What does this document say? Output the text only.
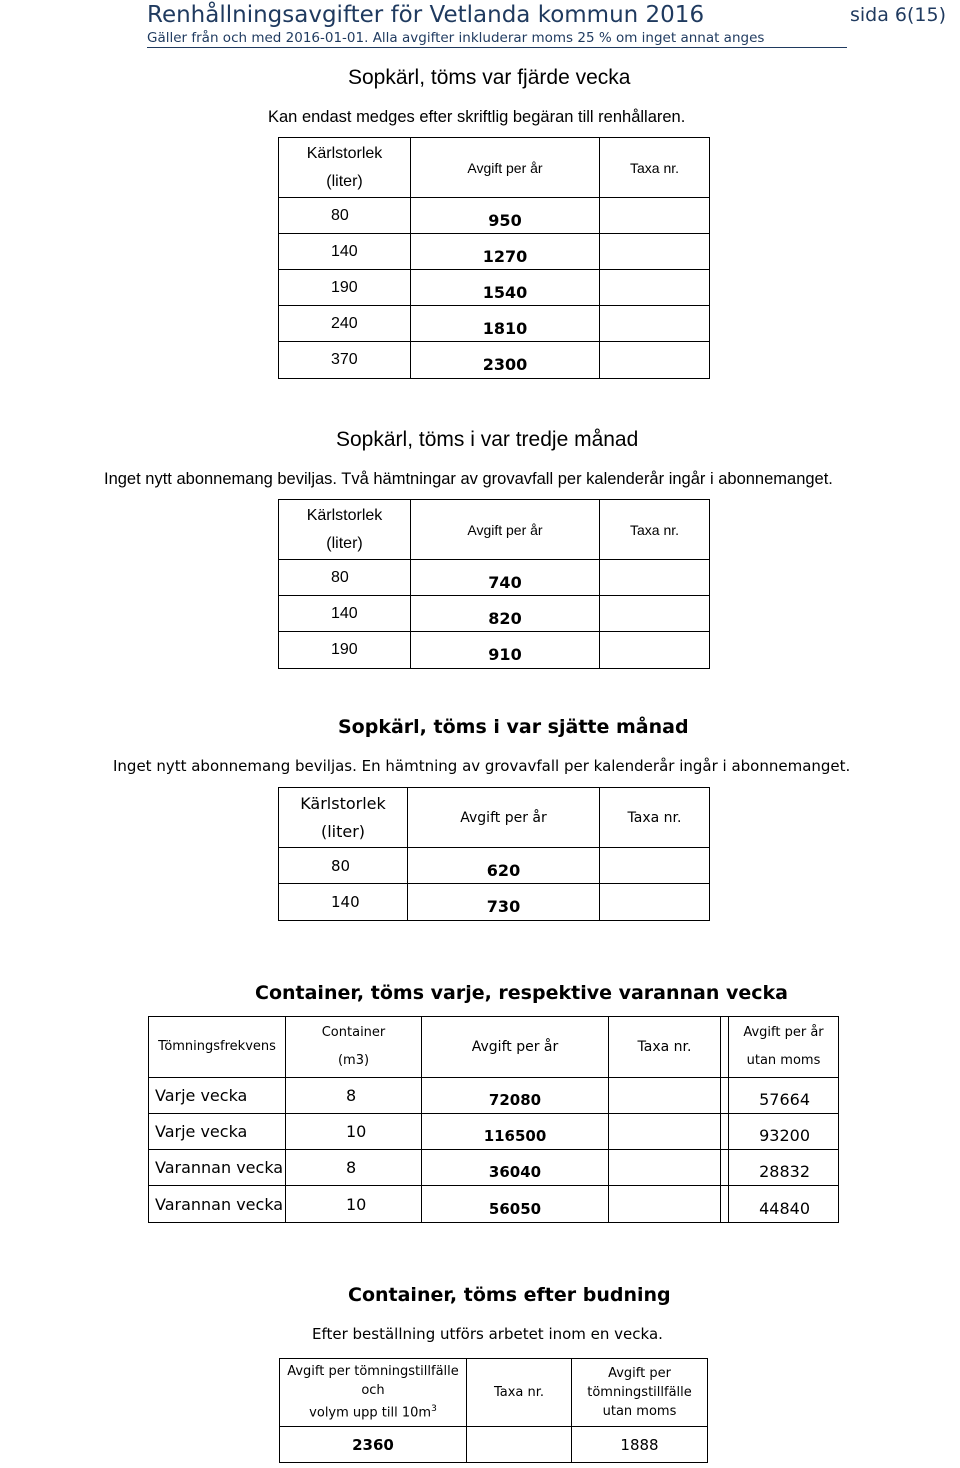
Renhållningsavgifter för Vetlanda kommun 2016
Gäller från och med 2016-01-01. Alla avgifter inkluderar moms 25 % om inget annat anges
sida 6(15)
Sopkärl, töms var fjärde vecka
Kan endast medges efter skriftlig begäran till renhållaren.
Kärlstorlek
(liter)	Avgift per år	Taxa nr.
80	950	
140	1270	
190	1540	
240	1810	
370	2300	
Sopkärl, töms i var tredje månad
Inget nytt abonnemang beviljas. Två hämtningar av grovavfall per kalenderår ingår i abonnemanget.
Kärlstorlek
(liter)	Avgift per år	Taxa nr.
80	740	
140	820	
190	910	
Sopkärl, töms i var sjätte månad
Inget nytt abonnemang beviljas. En hämtning av grovavfall per kalenderår ingår i abonnemanget.
Kärlstorlek
(liter)	Avgift per år	Taxa nr.
80	620	
140	730	
Container, töms varje, respektive varannan vecka
Tömningsfrekvens	Container
(m3)	Avgift per år	Taxa nr.		Avgift per år
utan moms
Varje vecka	8	72080			57664
Varje vecka	10	116500			93200
Varannan vecka	8	36040			28832
Varannan vecka	10	56050			44840
Container, töms efter budning
Efter beställning utförs arbetet inom en vecka.
Avgift per tömningstillfälle
och
volym upp till $10m^3$	Taxa nr.	Avgift per
tömningstillfälle
utan moms
2360		1888
